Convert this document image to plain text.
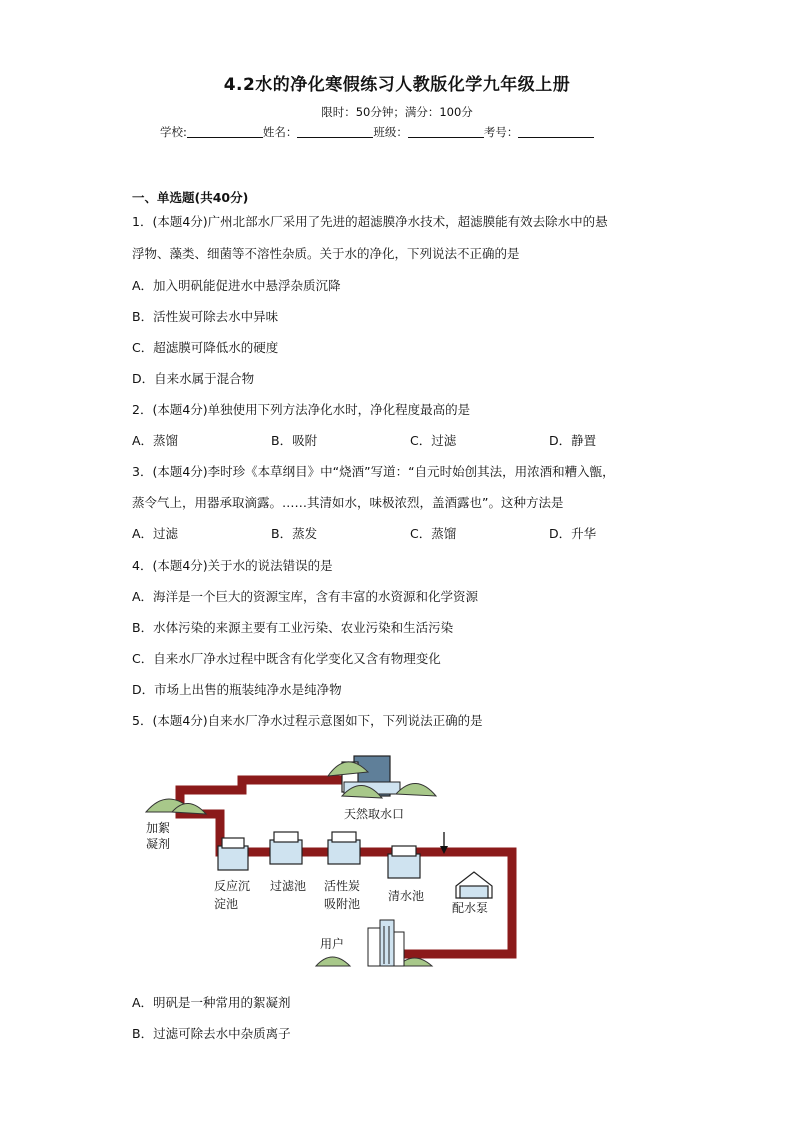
4.2水的净化寒假练习人教版化学九年级上册
限时：50分钟；满分：100分
学校:	姓名：	班级：	考号：
一、单选题(共40分)
1．(本题4分)广州北部水厂采用了先进的超滤膜净水技术，超滤膜能有效去除水中的悬
浮物、藻类、细菌等不溶性杂质。关于水的净化，下列说法不正确的是
A．加入明矾能促进水中悬浮杂质沉降
B．活性炭可除去水中异味
C．超滤膜可降低水的硬度
D．自来水属于混合物
2．(本题4分)单独使用下列方法净化水时，净化程度最高的是
A．蒸馏	B．吸附	C．过滤	D．静置
3．(本题4分)李时珍《本草纲目》中“烧酒”写道：“自元时始创其法，用浓酒和糟入甑，
蒸令气上，用器承取滴露。……其清如水，味极浓烈，盖酒露也”。这种方法是
A．过滤	B．蒸发	C．蒸馏	D．升华
4．(本题4分)关于水的说法错误的是
A．海洋是一个巨大的资源宝库，含有丰富的水资源和化学资源
B．水体污染的来源主要有工业污染、农业污染和生活污染
C．自来水厂净水过程中既含有化学变化又含有物理变化
D．市场上出售的瓶装纯净水是纯净物
5．(本题4分)自来水厂净水过程示意图如下，下列说法正确的是
天然取水口
加絮
凝剂
反应沉
淀池
过滤池 活性炭
吸附池
清水池
配水泵
用户
A．明矾是一种常用的絮凝剂
B．过滤可除去水中杂质离子
